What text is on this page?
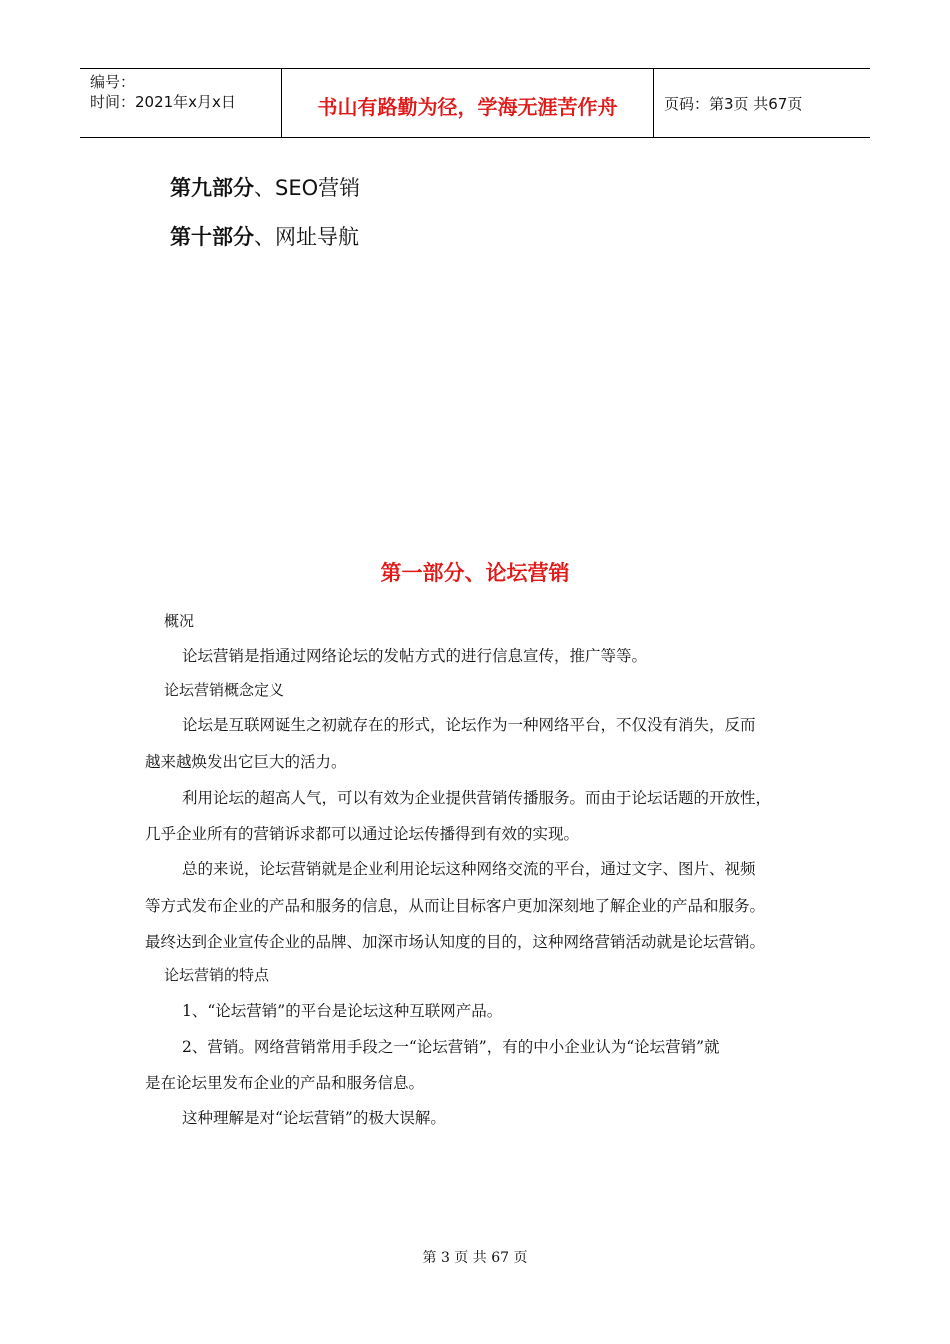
编号：
时间：2021年x月x日	书山有路勤为径，学海无涯苦作舟	页码：第3页 共67页
第九部分、SEO营销
第十部分、网址导航
第一部分、论坛营销
概况
论坛营销是指通过网络论坛的发帖方式的进行信息宣传，推广等等。
论坛营销概念定义
论坛是互联网诞生之初就存在的形式，论坛作为一种网络平台，不仅没有消失，反而
越来越焕发出它巨大的活力。
利用论坛的超高人气，可以有效为企业提供营销传播服务。而由于论坛话题的开放性，
几乎企业所有的营销诉求都可以通过论坛传播得到有效的实现。
总的来说，论坛营销就是企业利用论坛这种网络交流的平台，通过文字、图片、视频
等方式发布企业的产品和服务的信息，从而让目标客户更加深刻地了解企业的产品和服务。
最终达到企业宣传企业的品牌、加深市场认知度的目的，这种网络营销活动就是论坛营销。
论坛营销的特点
1、“论坛营销”的平台是论坛这种互联网产品。
2、营销。网络营销常用手段之一“论坛营销”，有的中小企业认为“论坛营销”就
是在论坛里发布企业的产品和服务信息。
这种理解是对“论坛营销”的极大误解。
第 3 页 共 67 页
